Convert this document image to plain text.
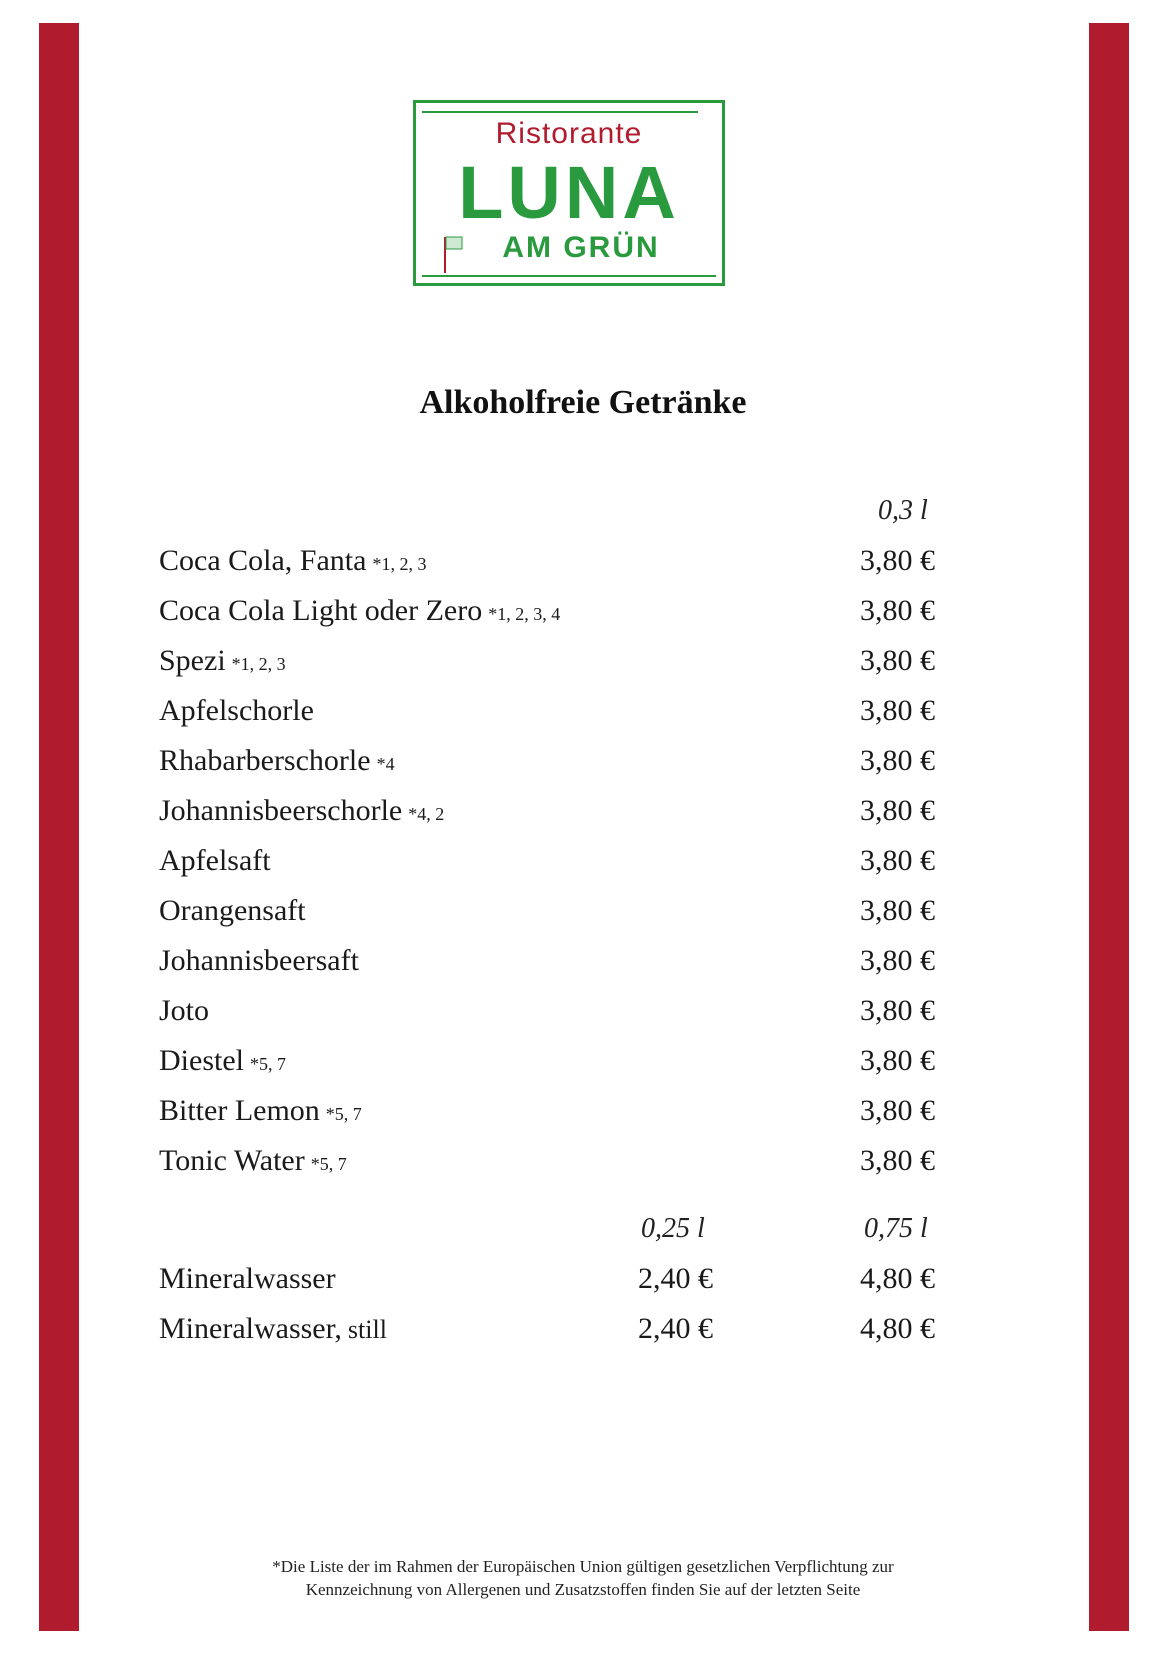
Ristorante
LUNA
AM GRÜN
Alkoholfreie Getränke
0,3 l
Coca Cola, Fanta *1, 2, 3	3,80 €
Coca Cola Light oder Zero *1, 2, 3, 4	3,80 €
Spezi *1, 2, 3	3,80 €
Apfelschorle	3,80 €
Rhabarberschorle *4	3,80 €
Johannisbeerschorle *4, 2	3,80 €
Apfelsaft	3,80 €
Orangensaft	3,80 €
Johannisbeersaft	3,80 €
Joto	3,80 €
Diestel *5, 7	3,80 €
Bitter Lemon *5, 7	3,80 €
Tonic Water *5, 7	3,80 €
0,25 l	0,75 l
Mineralwasser	2,40 €	4,80 €
Mineralwasser, still	2,40 €	4,80 €
*Die Liste der im Rahmen der Europäischen Union gültigen gesetzlichen Verpflichtung zur
Kennzeichnung von Allergenen und Zusatzstoffen finden Sie auf der letzten Seite
